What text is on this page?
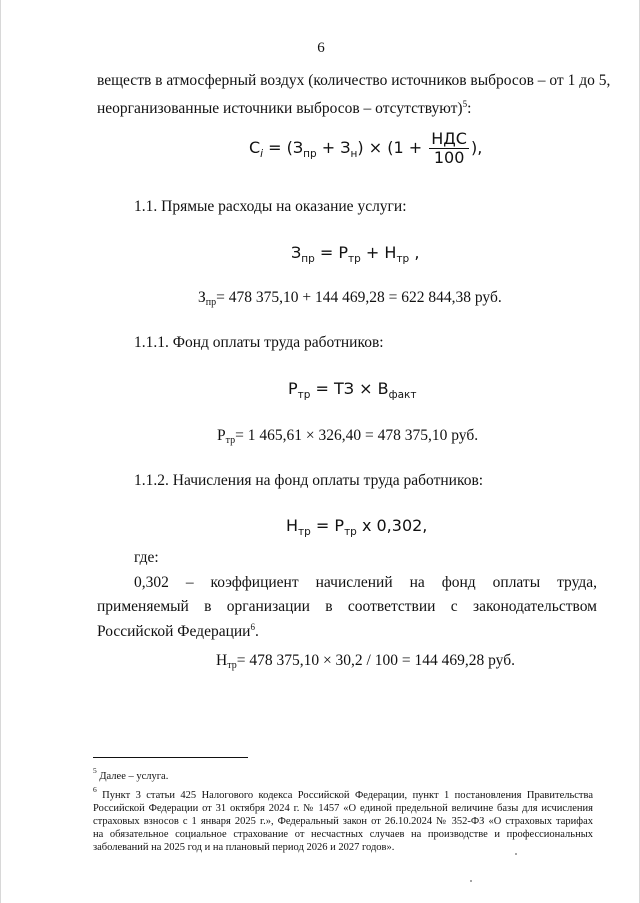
6
веществ в атмосферный воздух (количество источников выбросов – от 1 до 5,
неорганизованные источники выбросов – отсутствуют)$^5$:
$С_i = (З_{пр} + З_н) \times (1 + \frac{\text{НДС}}{100}$ ),
1.1. Прямые расходы на оказание услуги:
$З_{пр} = Р_{тр} + Н_{тр}$ ,
Зпр= 478 375,10 + 144 469,28 = 622 844,38 руб.
1.1.1. Фонд оплаты труда работников:
$Р_{тр}$ = ТЗ × $В_{факт}$
Ртр= 1 465,61 × 326,40 = 478 375,10 руб.
1.1.2. Начисления на фонд оплаты труда работников:
$Н_{тр} = Р_{тр}$ х 0,302,
где:
0,302 – коэффициент начислений на фонд оплаты труда,
применяемый в организации в соответствии с законодательством
Российской Федерации$^6$.
Нтр= 478 375,10 × 30,2 / 100 = 144 469,28 руб.
$^5$ Далее – услуга.
$^6$ Пункт 3 статьи 425 Налогового кодекса Российской Федерации, пункт 1 постановления Правительства
Российской Федерации от 31 октября 2024 г. № 1457 «О единой предельной величине базы для исчисления
страховых взносов с 1 января 2025 г.», Федеральный закон от 26.10.2024 № 352-ФЗ «О страховых тарифах
на обязательное социальное страхование от несчастных случаев на производстве и профессиональных
заболеваний на 2025 год и на плановый период 2026 и 2027 годов».
